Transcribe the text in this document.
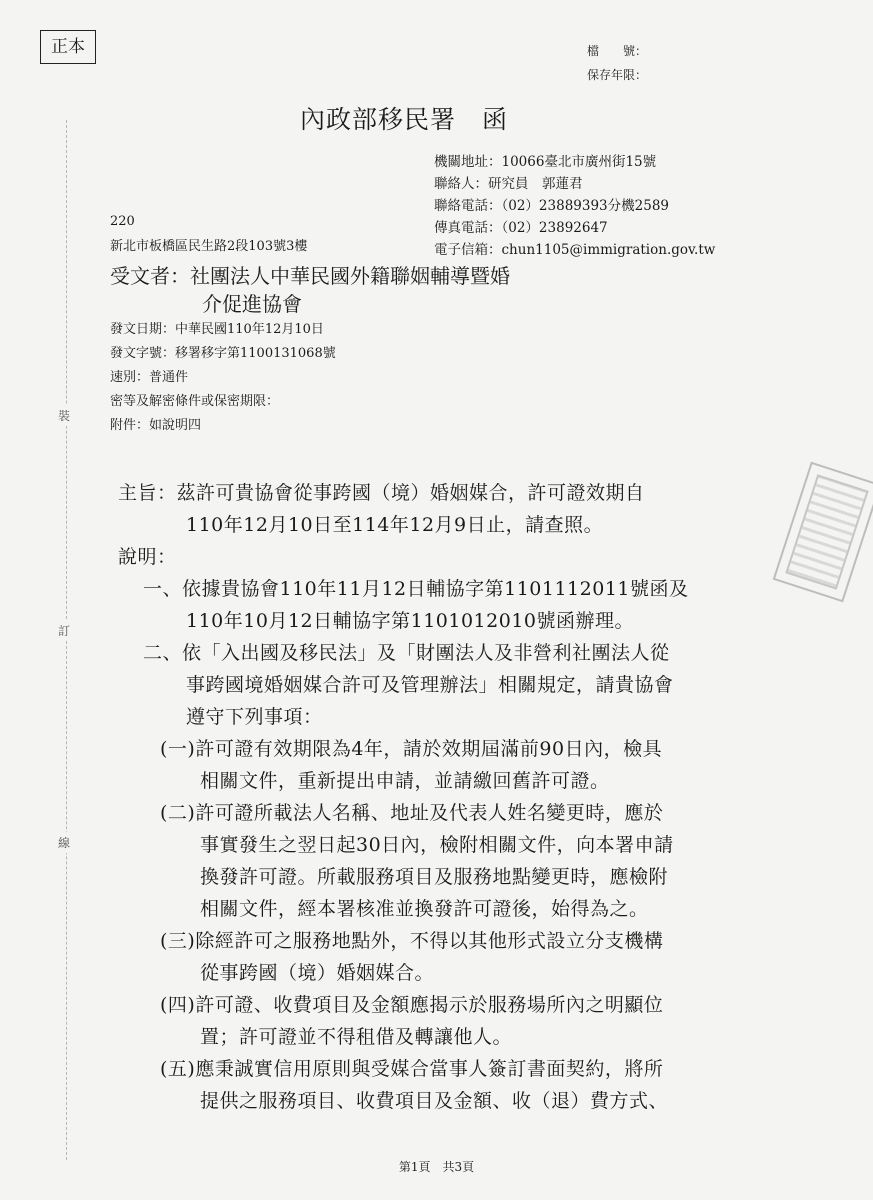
裝
訂
線
正本	檔　　號：
保存年限：
內政部移民署　函
機關地址：10066臺北市廣州街15號
聯絡人：研究員　郭蓮君
聯絡電話：（02）23889393分機2589
傳真電話：（02）23892647
電子信箱：chun1105@immigration.gov.tw
220
新北市板橋區民生路2段103號3樓
受文者：社團法人中華民國外籍聯姻輔導暨婚
介促進協會
發文日期：中華民國110年12月10日
發文字號：移署移字第1100131068號
速別：普通件
密等及解密條件或保密期限：
附件：如說明四
主旨：茲許可貴協會從事跨國（境）婚姻媒合，許可證效期自
110年12月10日至114年12月9日止，請查照。
說明：
一、依據貴協會110年11月12日輔協字第1101112011號函及
110年10月12日輔協字第1101012010號函辦理。
二、依「入出國及移民法」及「財團法人及非營利社團法人從
事跨國境婚姻媒合許可及管理辦法」相關規定，請貴協會
遵守下列事項：
(一)許可證有效期限為4年，請於效期屆滿前90日內，檢具
相關文件，重新提出申請，並請繳回舊許可證。
(二)許可證所載法人名稱、地址及代表人姓名變更時，應於
事實發生之翌日起30日內，檢附相關文件，向本署申請
換發許可證。所載服務項目及服務地點變更時，應檢附
相關文件，經本署核准並換發許可證後，始得為之。
(三)除經許可之服務地點外，不得以其他形式設立分支機構
從事跨國（境）婚姻媒合。
(四)許可證、收費項目及金額應揭示於服務場所內之明顯位
置；許可證並不得租借及轉讓他人。
(五)應秉誠實信用原則與受媒合當事人簽訂書面契約，將所
提供之服務項目、收費項目及金額、收（退）費方式、
第1頁　共3頁
